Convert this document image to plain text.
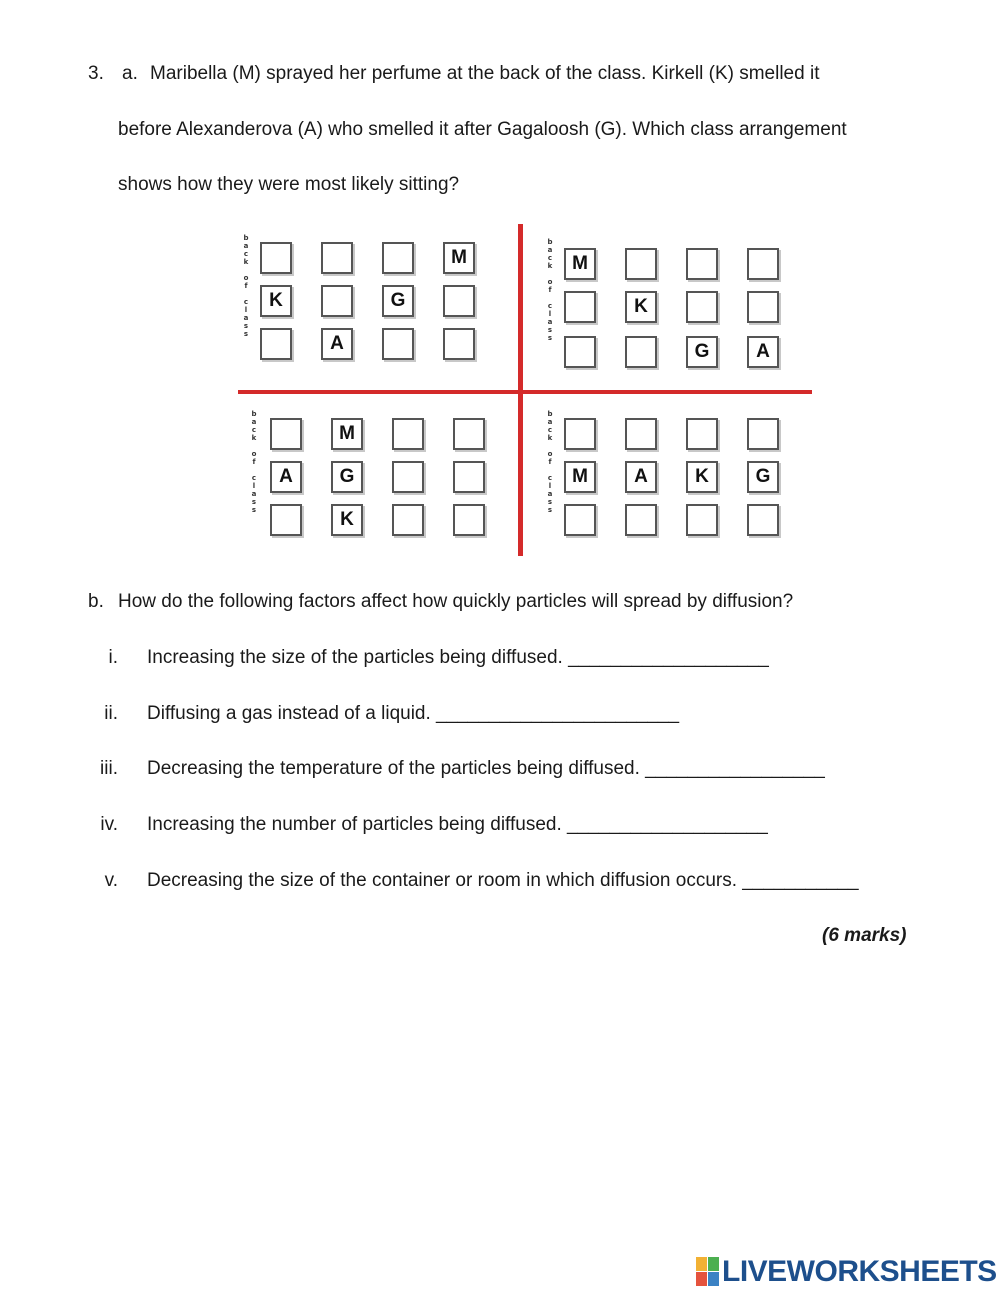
3. a. Maribella (M) sprayed her perfume at the back of the class. Kirkell (K) smelled it
before Alexanderova (A) who smelled it after Gagaloosh (G). Which class arrangement
shows how they were most likely sitting?
b
a
c
k

o
f

c
l
a
s
s
M
K	G
A
b
a
c
k

o
f

c
l
a
s
s
M
K
G	A
b
a
c
k

o
f

c
l
a
s
s
M
A	G
K
b
a
c
k

o
f

c
l
a
s
s
M	A	K	G
b. How do the following factors affect how quickly particles will spread by diffusion?
i. Increasing the size of the particles being diffused. ___________________
ii. Diffusing a gas instead of a liquid. _______________________
iii. Decreasing the temperature of the particles being diffused. _________________
iv. Increasing the number of particles being diffused. ___________________
v. Decreasing the size of the container or room in which diffusion occurs. ___________
(6 marks)
LIVEWORKSHEETS
